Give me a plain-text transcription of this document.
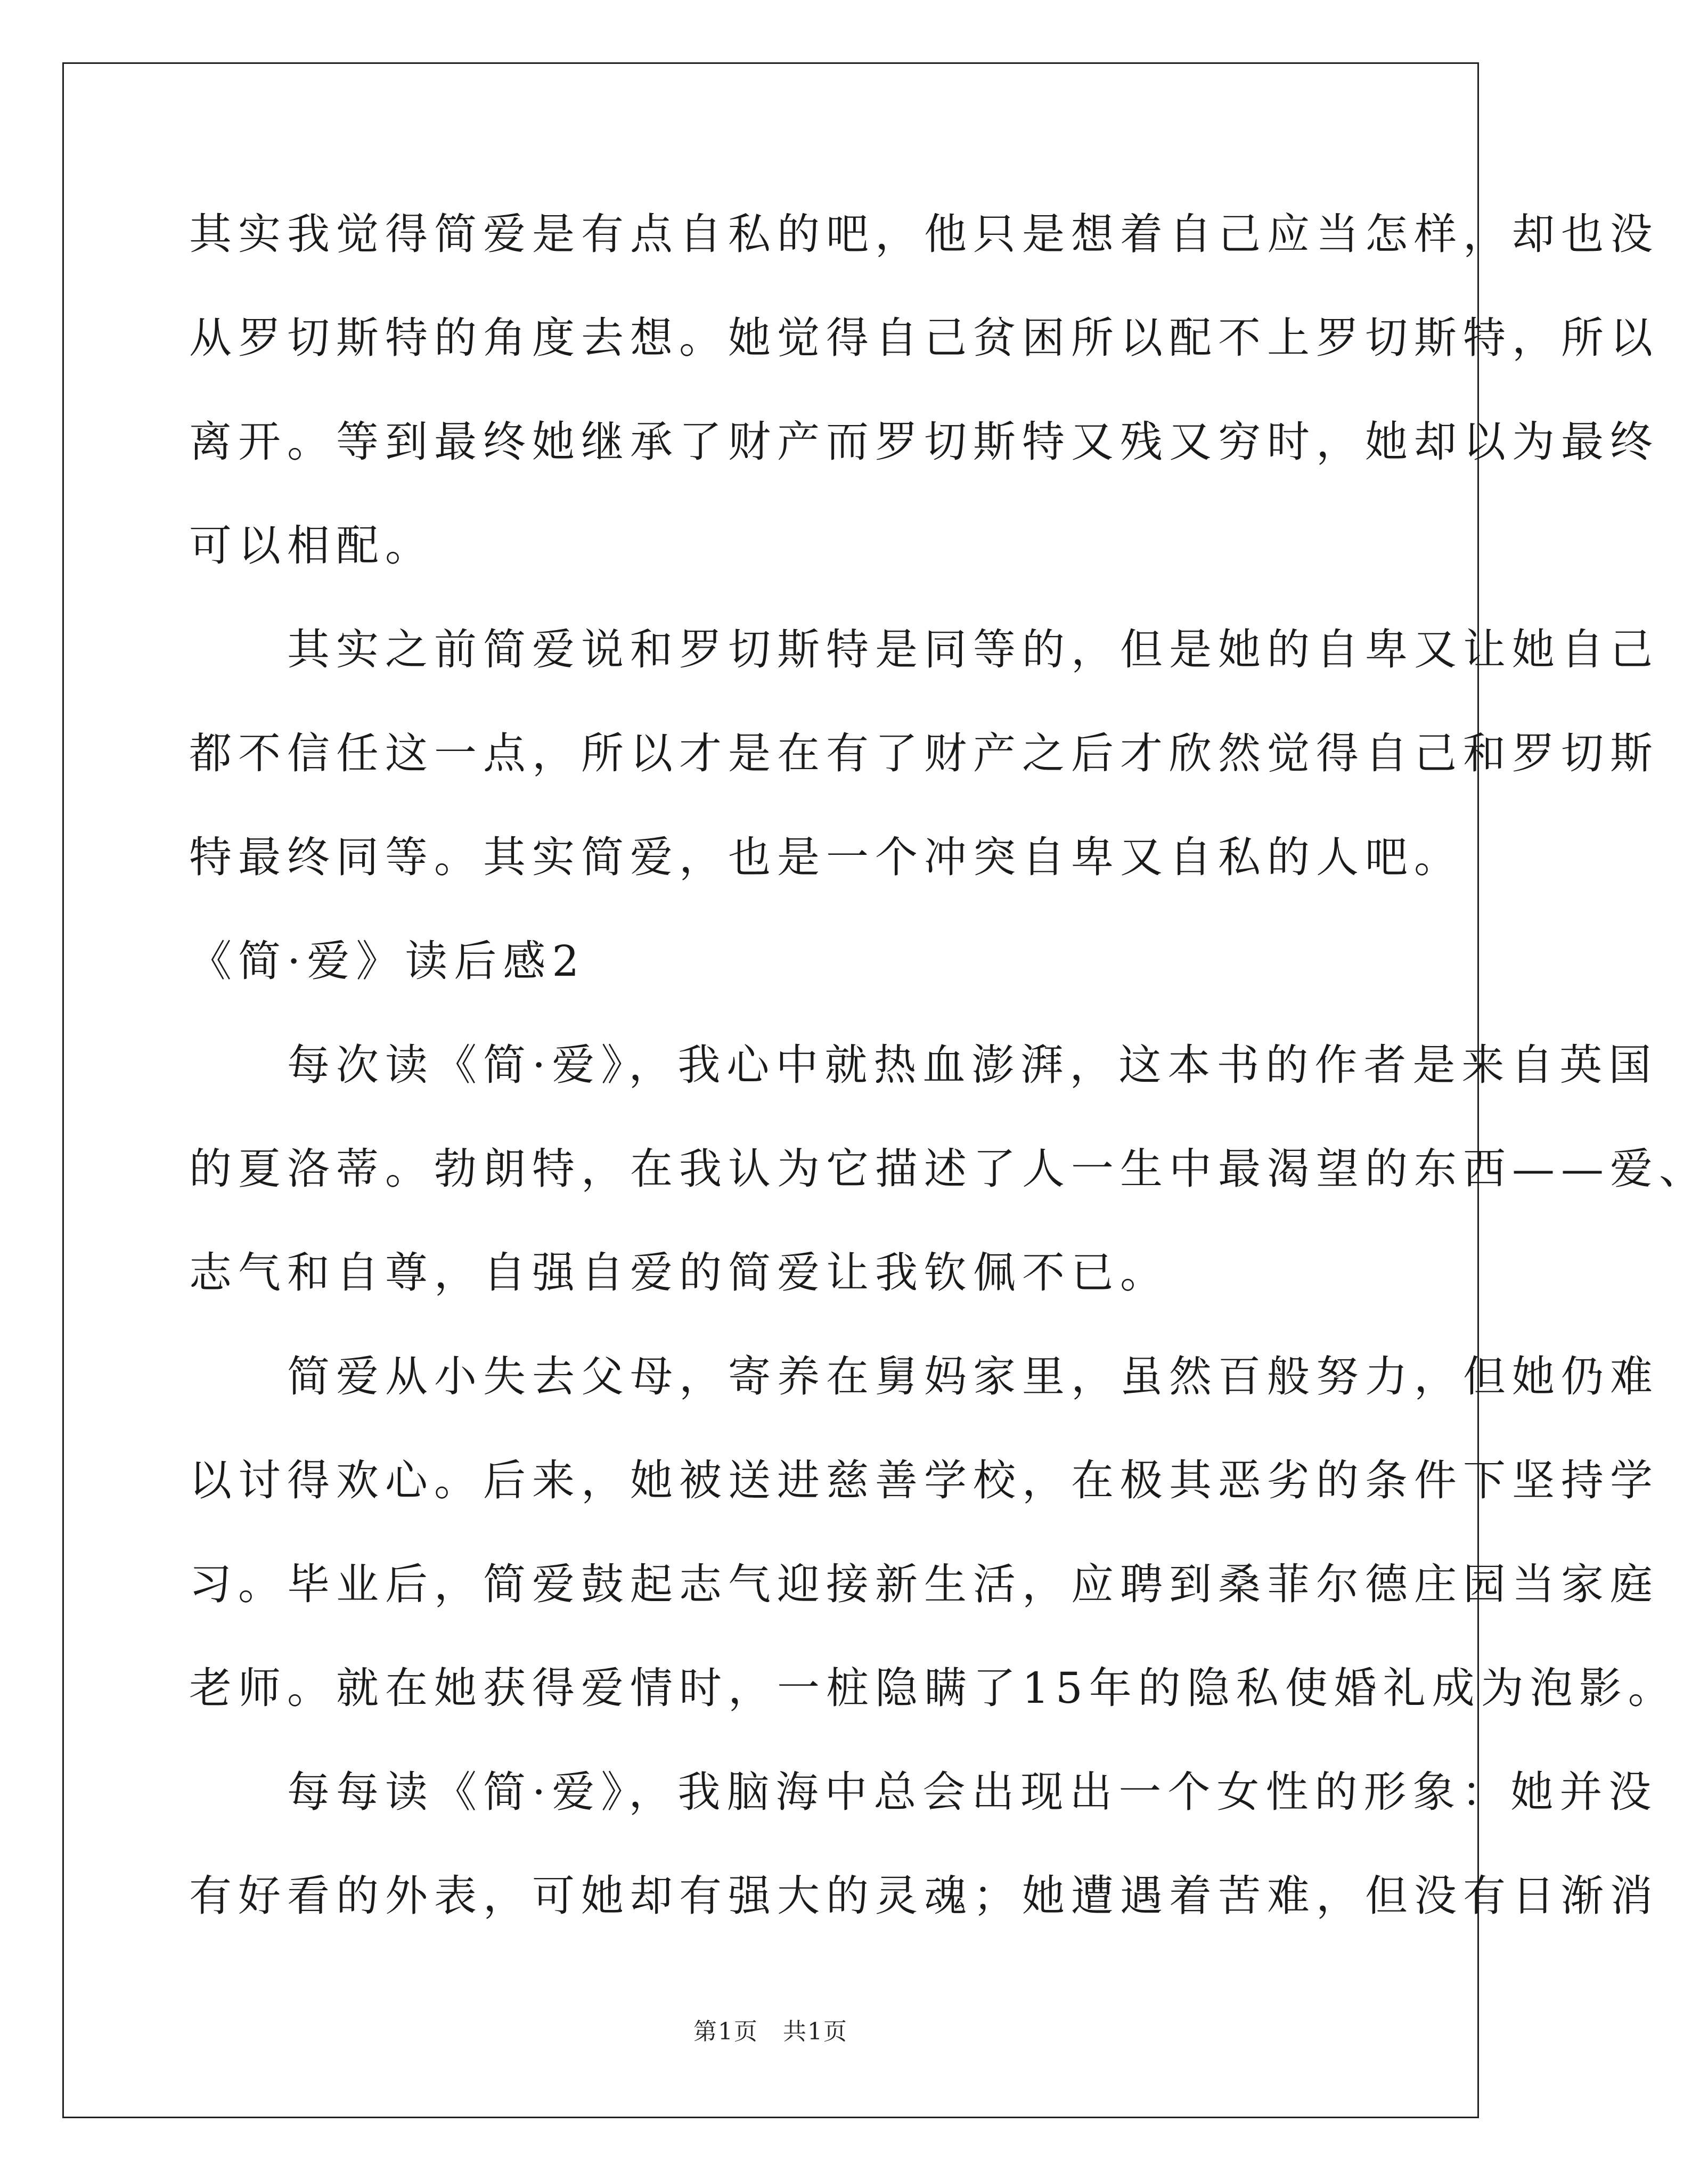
其实我觉得简爱是有点自私的吧，他只是想着自己应当怎样，却也没
从罗切斯特的角度去想。她觉得自己贫困所以配不上罗切斯特，所以
离开。等到最终她继承了财产而罗切斯特又残又穷时，她却以为最终
可以相配。
　　其实之前简爱说和罗切斯特是同等的，但是她的自卑又让她自己
都不信任这一点，所以才是在有了财产之后才欣然觉得自己和罗切斯
特最终同等。其实简爱，也是一个冲突自卑又自私的人吧。
《简·爱》读后感2
　　每次读《简·爱》，我心中就热血澎湃，这本书的作者是来自英国
的夏洛蒂。勃朗特，在我认为它描述了人一生中最渴望的东西——爱、
志气和自尊，自强自爱的简爱让我钦佩不已。
　　简爱从小失去父母，寄养在舅妈家里，虽然百般努力，但她仍难
以讨得欢心。后来，她被送进慈善学校，在极其恶劣的条件下坚持学
习。毕业后，简爱鼓起志气迎接新生活，应聘到桑菲尔德庄园当家庭
老师。就在她获得爱情时，一桩隐瞒了15年的隐私使婚礼成为泡影。
　　每每读《简·爱》，我脑海中总会出现出一个女性的形象：她并没
有好看的外表，可她却有强大的灵魂；她遭遇着苦难，但没有日渐消
第1页　共1页
